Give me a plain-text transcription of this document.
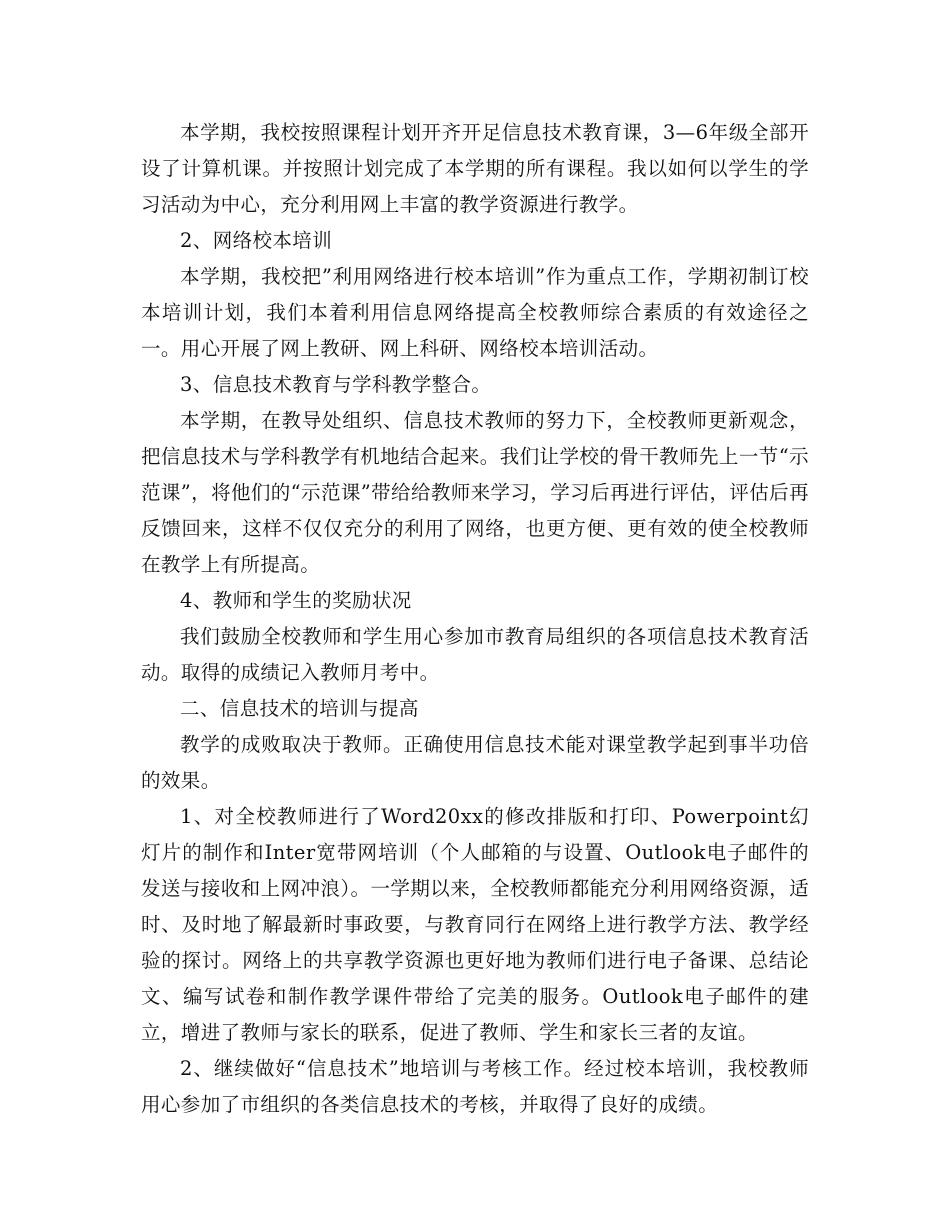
本学期，我校按照课程计划开齐开足信息技术教育课，3—6年级全部开设了计算机课。并按照计划完成了本学期的所有课程。我以如何以学生的学习活动为中心，充分利用网上丰富的教学资源进行教学。

2、网络校本培训

本学期，我校把”利用网络进行校本培训”作为重点工作，学期初制订校本培训计划，我们本着利用信息网络提高全校教师综合素质的有效途径之一。用心开展了网上教研、网上科研、网络校本培训活动。

3、信息技术教育与学科教学整合。

本学期，在教导处组织、信息技术教师的努力下，全校教师更新观念，把信息技术与学科教学有机地结合起来。我们让学校的骨干教师先上一节“示范课”，将他们的“示范课”带给给教师来学习，学习后再进行评估，评估后再反馈回来，这样不仅仅充分的利用了网络，也更方便、更有效的使全校教师在教学上有所提高。

4、教师和学生的奖励状况

我们鼓励全校教师和学生用心参加市教育局组织的各项信息技术教育活动。取得的成绩记入教师月考中。

二、信息技术的培训与提高

教学的成败取决于教师。正确使用信息技术能对课堂教学起到事半功倍的效果。

1、对全校教师进行了Word20xx的修改排版和打印、Powerpoint幻灯片的制作和Inter宽带网培训（个人邮箱的与设置、Outlook电子邮件的发送与接收和上网冲浪）。一学期以来，全校教师都能充分利用网络资源，适时、及时地了解最新时事政要，与教育同行在网络上进行教学方法、教学经验的探讨。网络上的共享教学资源也更好地为教师们进行电子备课、总结论文、编写试卷和制作教学课件带给了完美的服务。Outlook电子邮件的建立，增进了教师与家长的联系，促进了教师、学生和家长三者的友谊。

2、继续做好“信息技术”地培训与考核工作。经过校本培训，我校教师用心参加了市组织的各类信息技术的考核，并取得了良好的成绩。
